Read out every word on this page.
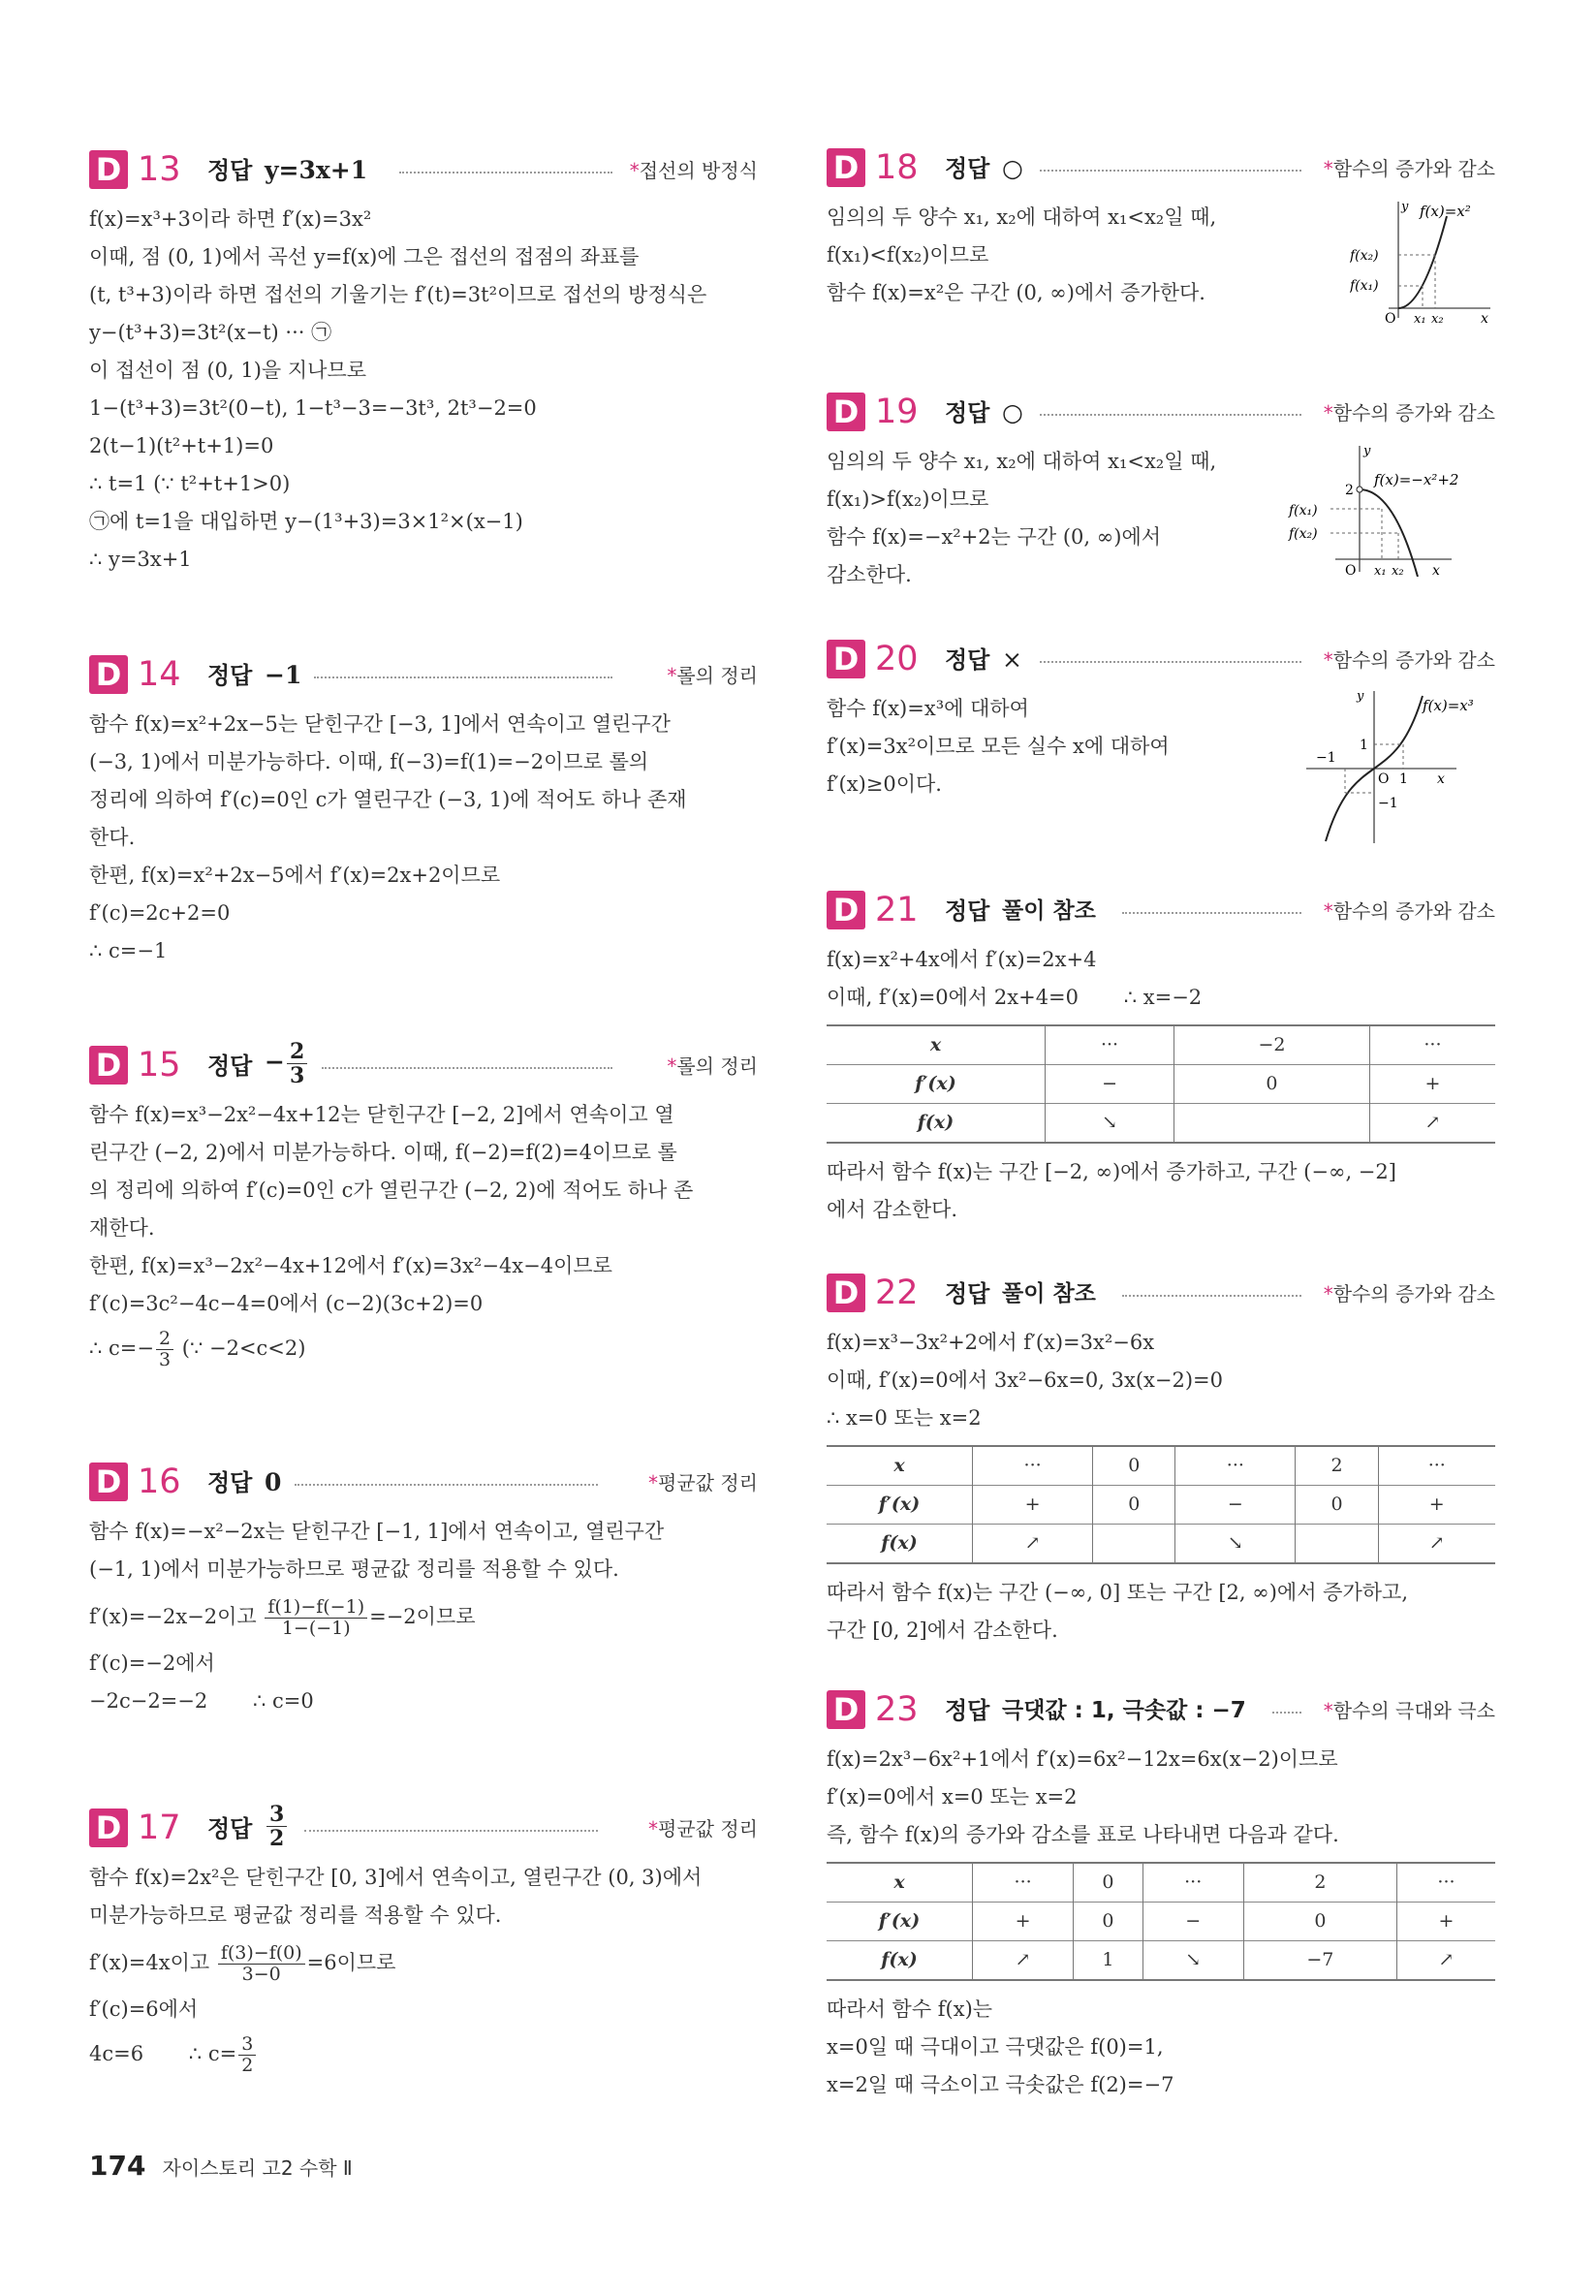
D 13 정답 y=3x+1	*접선의 방정식
f(x)=x³+3이라 하면 f′(x)=3x²
이때, 점 (0, 1)에서 곡선 y=f(x)에 그은 접선의 접점의 좌표를
(t, t³+3)이라 하면 접선의 기울기는 f′(t)=3t²이므로 접선의 방정식은
y−(t³+3)=3t²(x−t) ··· ㉠
이 접선이 점 (0, 1)을 지나므로
1−(t³+3)=3t²(0−t), 1−t³−3=−3t³, 2t³−2=0
2(t−1)(t²+t+1)=0
∴ t=1 (∵ t²+t+1>0)
㉠에 t=1을 대입하면 y−(1³+3)=3×1²×(x−1)
∴ y=3x+1
D 14 정답 −1	*롤의 정리
함수 f(x)=x²+2x−5는 닫힌구간 [−3, 1]에서 연속이고 열린구간
(−3, 1)에서 미분가능하다. 이때, f(−3)=f(1)=−2이므로 롤의
정리에 의하여 f′(c)=0인 c가 열린구간 (−3, 1)에 적어도 하나 존재
한다.
한편, f(x)=x²+2x−5에서 f′(x)=2x+2이므로
f′(c)=2c+2=0
∴ c=−1
D 15 정답 − $\frac{2}{3}$	*롤의 정리
함수 f(x)=x³−2x²−4x+12는 닫힌구간 [−2, 2]에서 연속이고 열
린구간 (−2, 2)에서 미분가능하다. 이때, f(−2)=f(2)=4이므로 롤
의 정리에 의하여 f′(c)=0인 c가 열린구간 (−2, 2)에 적어도 하나 존
재한다.
한편, f(x)=x³−2x²−4x+12에서 f′(x)=3x²−4x−4이므로
f′(c)=3c²−4c−4=0에서 (c−2)(3c+2)=0
∴ $c=- \frac{2}{3}$ (∵ −2<c<2)
D 16 정답 0	*평균값 정리
함수 f(x)=−x²−2x는 닫힌구간 [−1, 1]에서 연속이고, 열린구간
(−1, 1)에서 미분가능하므로 평균값 정리를 적용할 수 있다.
f′(x)=−2x−2이고 $\frac{f(1)-f(-1)}{1-(-1)} =-2$이므로
f′(c)=−2에서
−2c−2=−2       ∴ c=0
D 17 정답 $\frac{3}{2}$	*평균값 정리
함수 f(x)=2x²은 닫힌구간 [0, 3]에서 연속이고, 열린구간 (0, 3)에서
미분가능하므로 평균값 정리를 적용할 수 있다.
f′(x)=4x이고 $\frac{f(3)-f(0)}{3-0} =6$이므로
f′(c)=6에서
4c=6       ∴ $c= \frac{3}{2}$
D 18 정답 ○	*함수의 증가와 감소
임의의 두 양수 x₁, x₂에 대하여 x₁<x₂일 때,
f(x₁)<f(x₂)이므로
함수 f(x)=x²은 구간 (0, ∞)에서 증가한다.
y
f(x₂)
f(x₁)
O x₁ x₂	x
f(x)=x²
D 19 정답 ○	*함수의 증가와 감소
임의의 두 양수 x₁, x₂에 대하여 x₁<x₂일 때,
f(x₁)>f(x₂)이므로
함수 f(x)=−x²+2는 구간 (0, ∞)에서
감소한다.
y
2
f(x₁)
f(x₂)
O x₁ x₂ x
f(x)=−x²+2
D 20 정답 ×	*함수의 증가와 감소
함수 f(x)=x³에 대하여
f′(x)=3x²이므로 모든 실수 x에 대하여
f′(x)≥0이다.
y
1
−1
O 1
−1
x
f(x)=x³
D 21 정답 풀이 참조	*함수의 증가와 감소
f(x)=x²+4x에서 f′(x)=2x+4
이때, f′(x)=0에서 2x+4=0       ∴ x=−2
x	···	−2	···
f′(x)	−	0	+
f(x)	↘		↗
따라서 함수 f(x)는 구간 [−2, ∞)에서 증가하고, 구간 (−∞, −2]
에서 감소한다.
D 22 정답 풀이 참조	*함수의 증가와 감소
f(x)=x³−3x²+2에서 f′(x)=3x²−6x
이때, f′(x)=0에서 3x²−6x=0, 3x(x−2)=0
∴ x=0 또는 x=2
x	···	0	···	2	···
f′(x)	+	0	−	0	+
f(x)	↗		↘		↗
따라서 함수 f(x)는 구간 (−∞, 0] 또는 구간 [2, ∞)에서 증가하고,
구간 [0, 2]에서 감소한다.
D 23 정답 극댓값 : 1, 극솟값 : −7	*함수의 극대와 극소
f(x)=2x³−6x²+1에서 f′(x)=6x²−12x=6x(x−2)이므로
f′(x)=0에서 x=0 또는 x=2
즉, 함수 f(x)의 증가와 감소를 표로 나타내면 다음과 같다.
x	···	0	···	2	···
f′(x)	+	0	−	0	+
f(x)	↗	1	↘	−7	↗
따라서 함수 f(x)는
x=0일 때 극대이고 극댓값은 f(0)=1,
x=2일 때 극소이고 극솟값은 f(2)=−7
174 자이스토리 고2 수학 Ⅱ
